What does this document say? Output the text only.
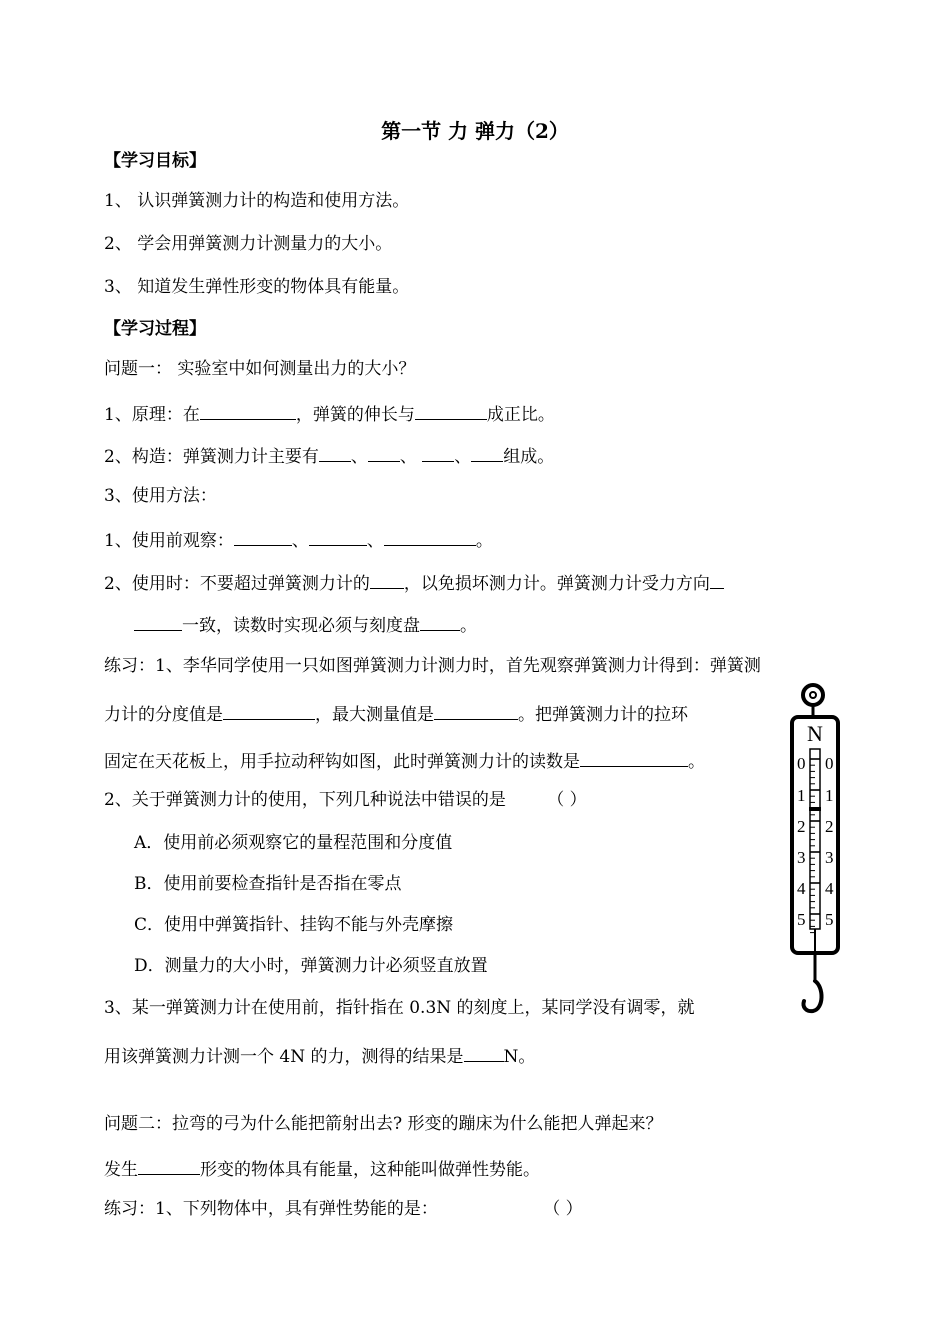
第一节 力 弹力（2）
【学习目标】
1、 认识弹簧测力计的构造和使用方法。
2、 学会用弹簧测力计测量力的大小。
3、 知道发生弹性形变的物体具有能量。
【学习过程】
问题一： 实验室中如何测量出力的大小？
1、原理：在	，弹簧的伸长与	成正比。
2、构造：弹簧测力计主要有 、 、 、 组成。
3、使用方法：
1、使用前观察：	、	、	。
2、使用时：不要超过弹簧测力计的 ，以免损坏测力计。弹簧测力计受力方向
一致，读数时实现必须与刻度盘 。
练习：1、李华同学使用一只如图弹簧测力计测力时，首先观察弹簧测力计得到：弹簧测
力计的分度值是	，最大测量值是	。把弹簧测力计的拉环
固定在天花板上，用手拉动秤钩如图，此时弹簧测力计的读数是	。
2、关于弹簧测力计的使用，下列几种说法中错误的是 （ ）
A．使用前必须观察它的量程范围和分度值
B．使用前要检查指针是否指在零点
C．使用中弹簧指针、挂钩不能与外壳摩擦
D．测量力的大小时，弹簧测力计必须竖直放置
3、某一弹簧测力计在使用前，指针指在 0.3N 的刻度上，某同学没有调零，就
用该弹簧测力计测一个 4N 的力，测得的结果是 N。
问题二：拉弯的弓为什么能把箭射出去? 形变的蹦床为什么能把人弹起来？
发生	形变的物体具有能量，这种能叫做弹性势能。
练习：1、下列物体中，具有弹性势能的是：	（ ）
N
0
1
2
3
4
5
0
1
2
3
4
5
